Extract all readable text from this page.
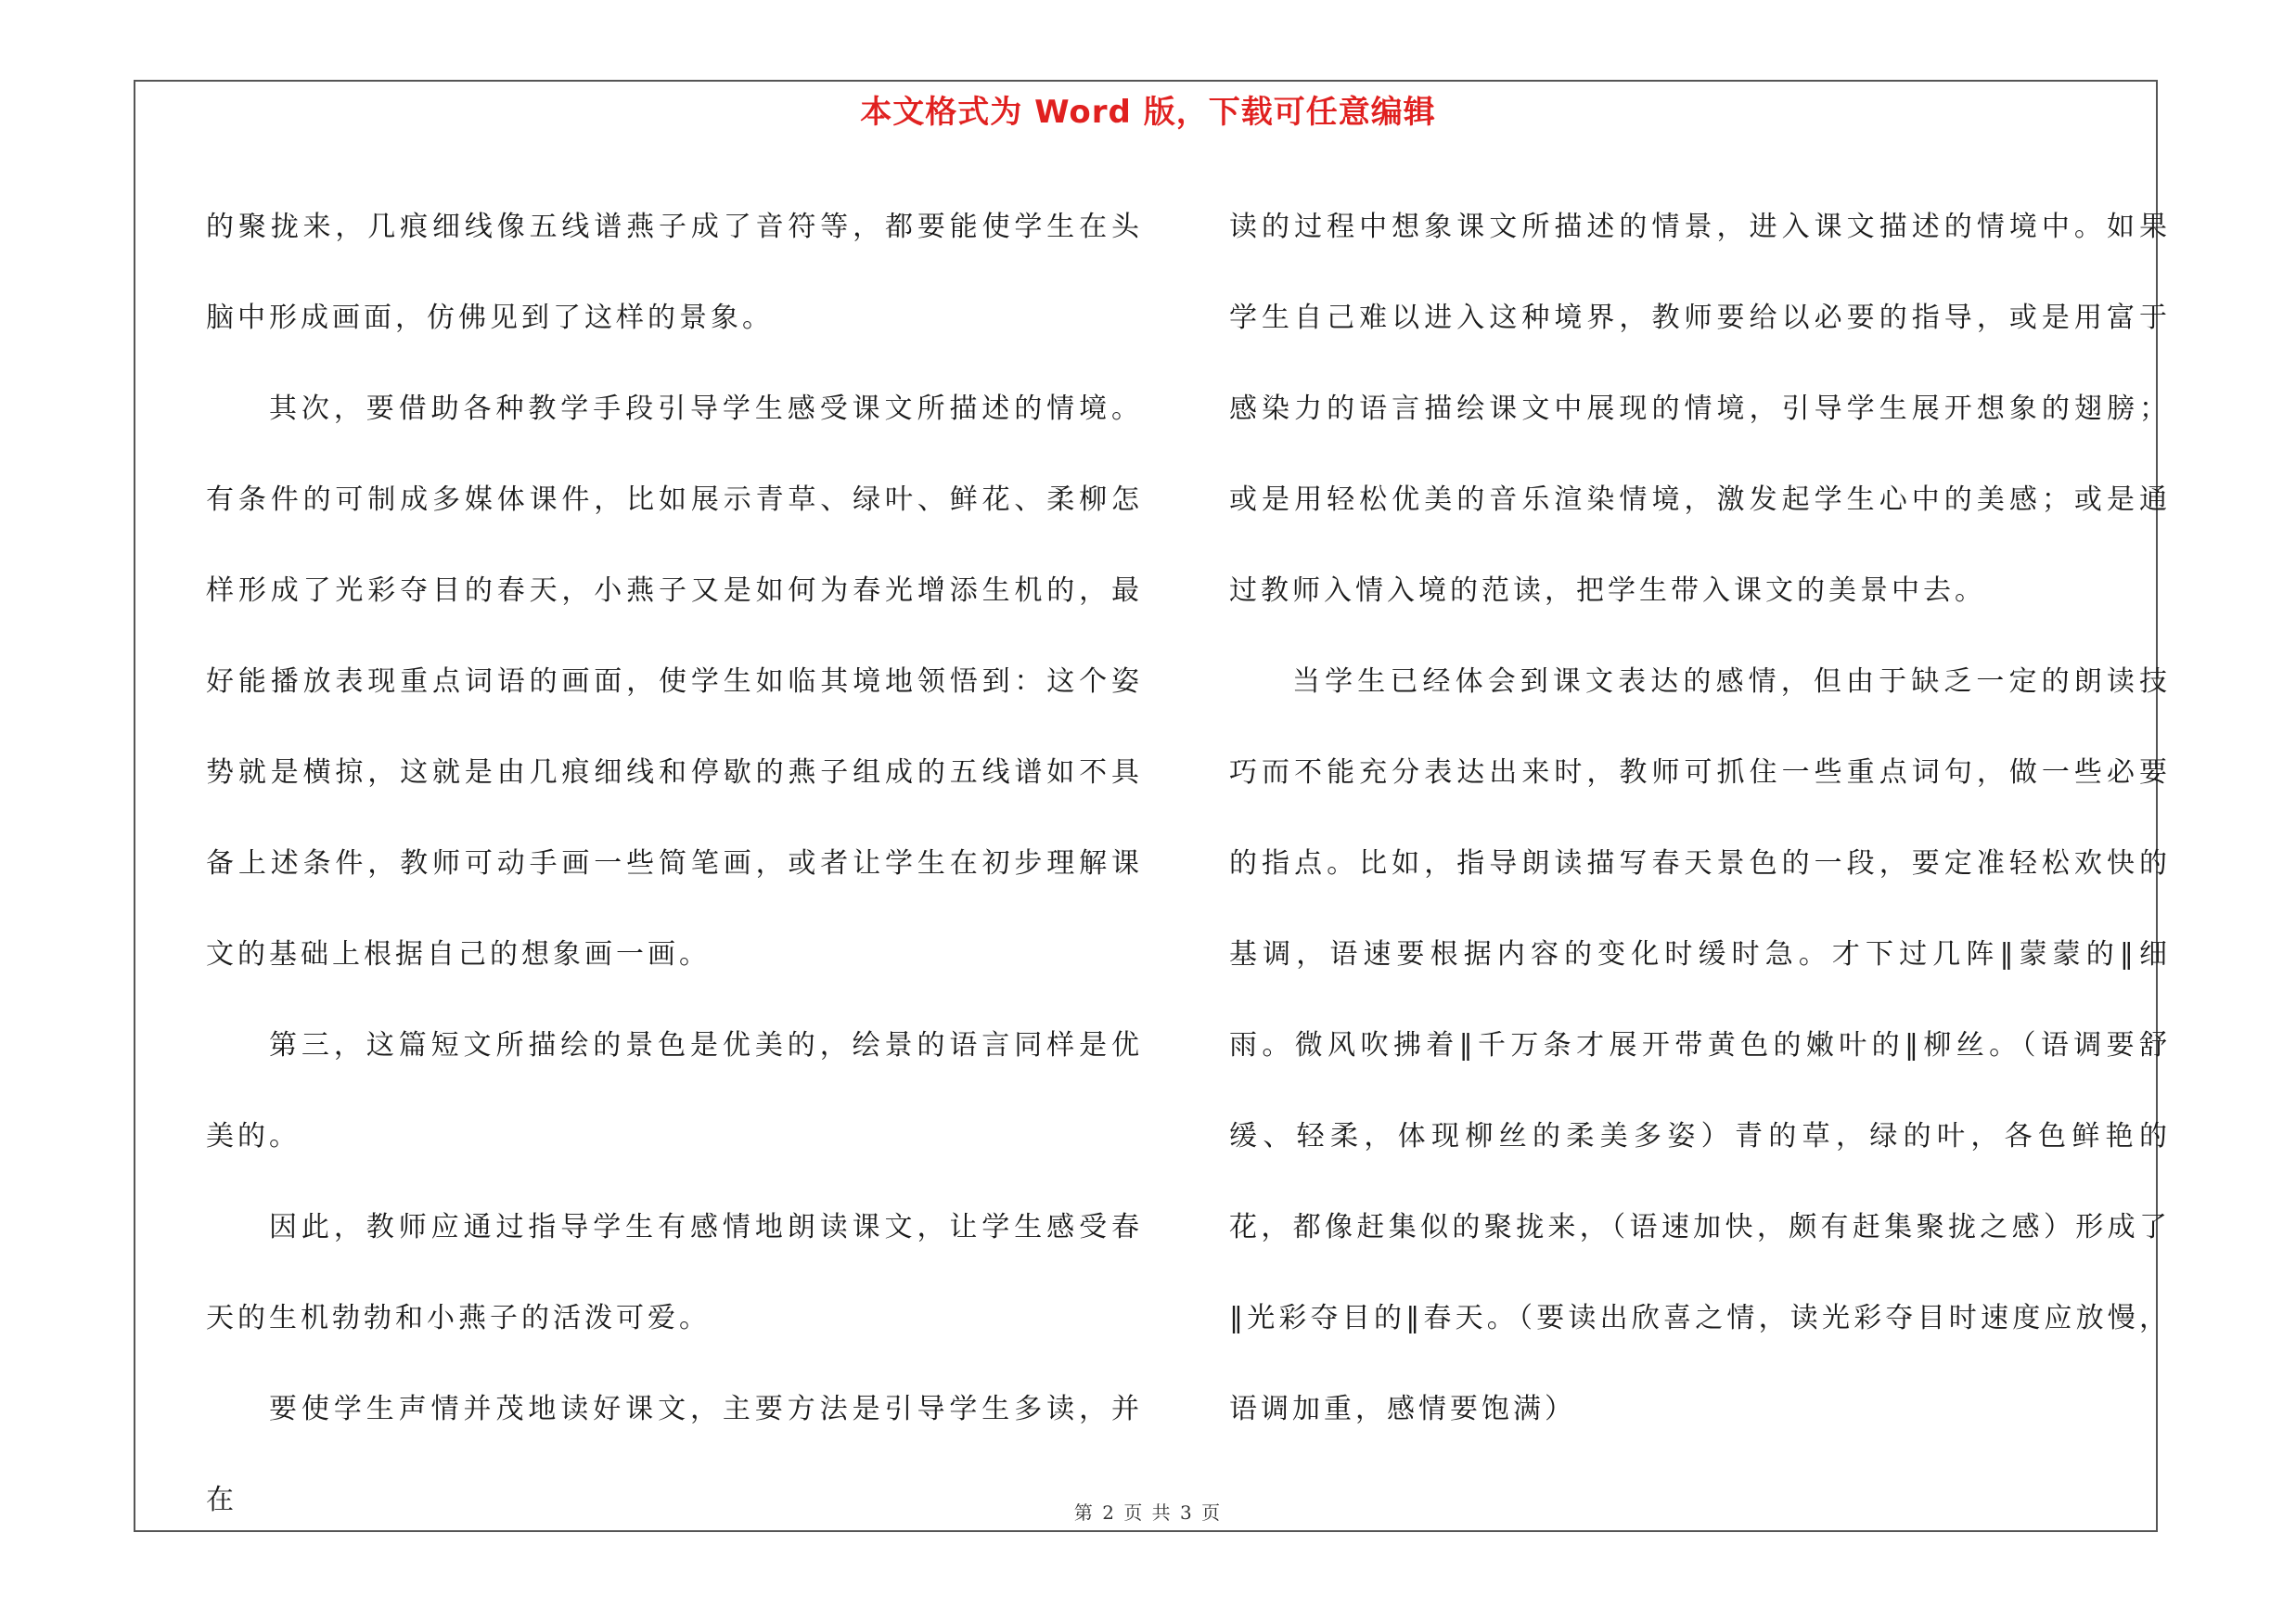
本文格式为 Word 版，下载可任意编辑

的聚拢来，几痕细线像五线谱燕子成了音符等，都要能使学生在头脑中形成画面，仿佛见到了这样的景象。

其次，要借助各种教学手段引导学生感受课文所描述的情境。有条件的可制成多媒体课件，比如展示青草、绿叶、鲜花、柔柳怎样形成了光彩夺目的春天，小燕子又是如何为春光增添生机的，最好能播放表现重点词语的画面，使学生如临其境地领悟到：这个姿势就是横掠，这就是由几痕细线和停歇的燕子组成的五线谱如不具备上述条件，教师可动手画一些简笔画，或者让学生在初步理解课文的基础上根据自己的想象画一画。

第三，这篇短文所描绘的景色是优美的，绘景的语言同样是优美的。

因此，教师应通过指导学生有感情地朗读课文，让学生感受春天的生机勃勃和小燕子的活泼可爱。

要使学生声情并茂地读好课文，主要方法是引导学生多读，并在

读的过程中想象课文所描述的情景，进入课文描述的情境中。如果学生自己难以进入这种境界，教师要给以必要的指导，或是用富于感染力的语言描绘课文中展现的情境，引导学生展开想象的翅膀；或是用轻松优美的音乐渲染情境，激发起学生心中的美感；或是通过教师入情入境的范读，把学生带入课文的美景中去。

当学生已经体会到课文表达的感情，但由于缺乏一定的朗读技巧而不能充分表达出来时，教师可抓住一些重点词句，做一些必要的指点。比如，指导朗读描写春天景色的一段，要定准轻松欢快的基调，语速要根据内容的变化时缓时急。才下过几阵‖蒙蒙的‖细雨。微风吹拂着‖千万条才展开带黄色的嫩叶的‖柳丝。（语调要舒缓、轻柔，体现柳丝的柔美多姿）青的草，绿的叶，各色鲜艳的花，都像赶集似的聚拢来，（语速加快，颇有赶集聚拢之感）形成了‖光彩夺目的‖春天。（要读出欣喜之情，读光彩夺目时速度应放慢，语调加重，感情要饱满）

第 2 页 共 3 页
